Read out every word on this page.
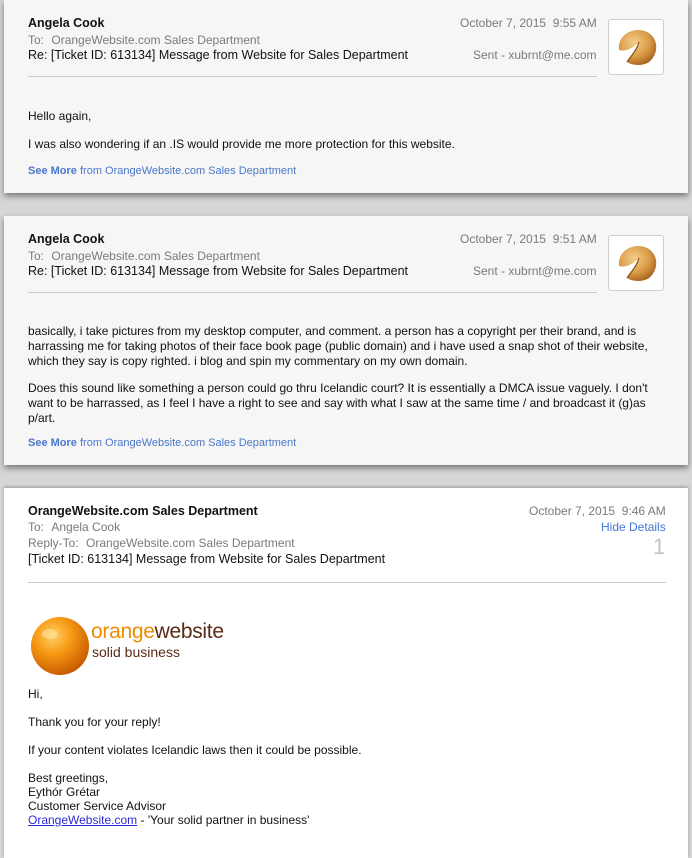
Angela Cook
To: OrangeWebsite.com Sales Department
Re: [Ticket ID: 613134] Message from Website for Sales Department
October 7, 2015 9:55 AM
Sent - xubrnt@me.com
Hello again,
I was also wondering if an .IS would provide me more protection for this website.
See More from OrangeWebsite.com Sales Department
Angela Cook
To: OrangeWebsite.com Sales Department
Re: [Ticket ID: 613134] Message from Website for Sales Department
October 7, 2015 9:51 AM
Sent - xubrnt@me.com
basically, i take pictures from my desktop computer, and comment. a person has a copyright per their brand, and is
harrassing me for taking photos of their face book page (public domain) and i have used a snap shot of their website,
which they say is copy righted. i blog and spin my commentary on my own domain.
Does this sound like something a person could go thru Icelandic court? It is essentially a DMCA issue vaguely. I don't
want to be harrassed, as I feel I have a right to see and say with what I saw at the same time / and broadcast it (g)as
p/art.
See More from OrangeWebsite.com Sales Department
OrangeWebsite.com Sales Department
To: Angela Cook
Reply-To: OrangeWebsite.com Sales Department
[Ticket ID: 613134] Message from Website for Sales Department
October 7, 2015 9:46 AM
Hide Details
1
orangewebsite
solid business
Hi,
Thank you for your reply!
If your content violates Icelandic laws then it could be possible.
Best greetings,
Eythór Grétar
Customer Service Advisor
OrangeWebsite.com - 'Your solid partner in business'
